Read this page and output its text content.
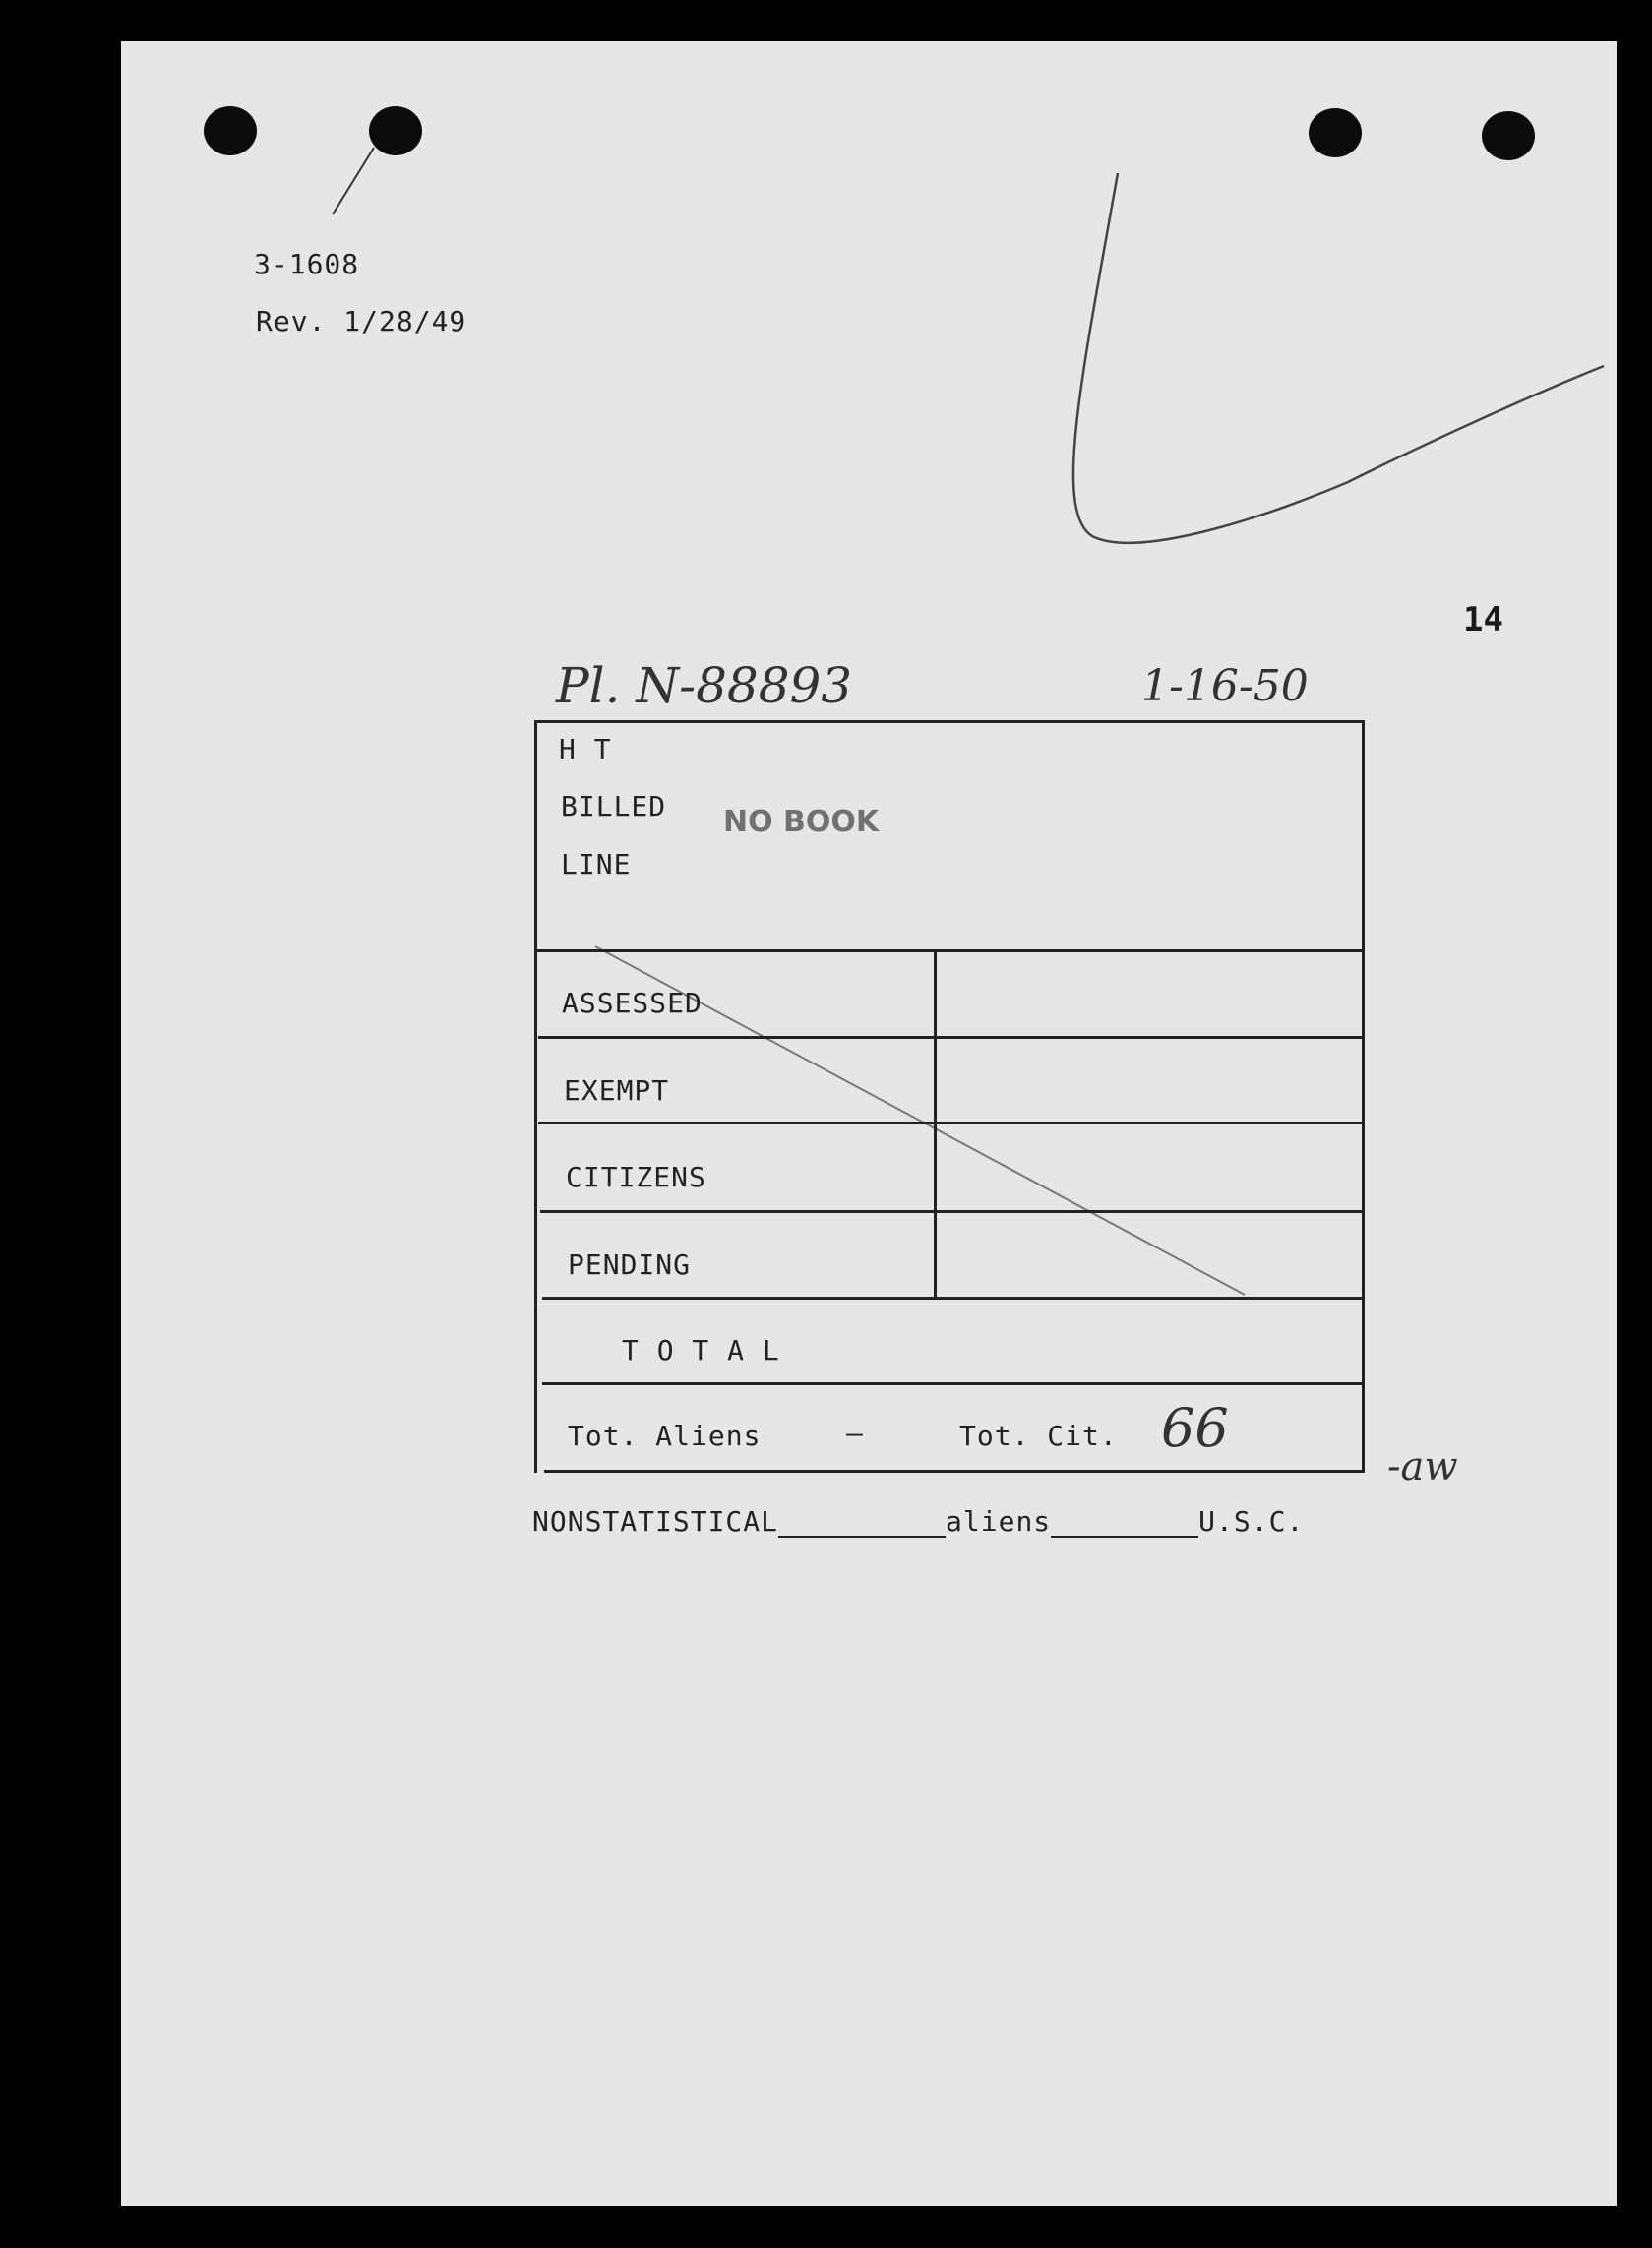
3-1608
Rev. 1/28/49
14
Pl. N-88893	1-16-50
H T
BILLED
LINE
NO BOOK
ASSESSED
EXEMPT
CITIZENS
PENDING
T O T A L
Tot. Aliens	—	Tot. Cit. 66
-aw
NONSTATISTICAL	aliens	U.S.C.
